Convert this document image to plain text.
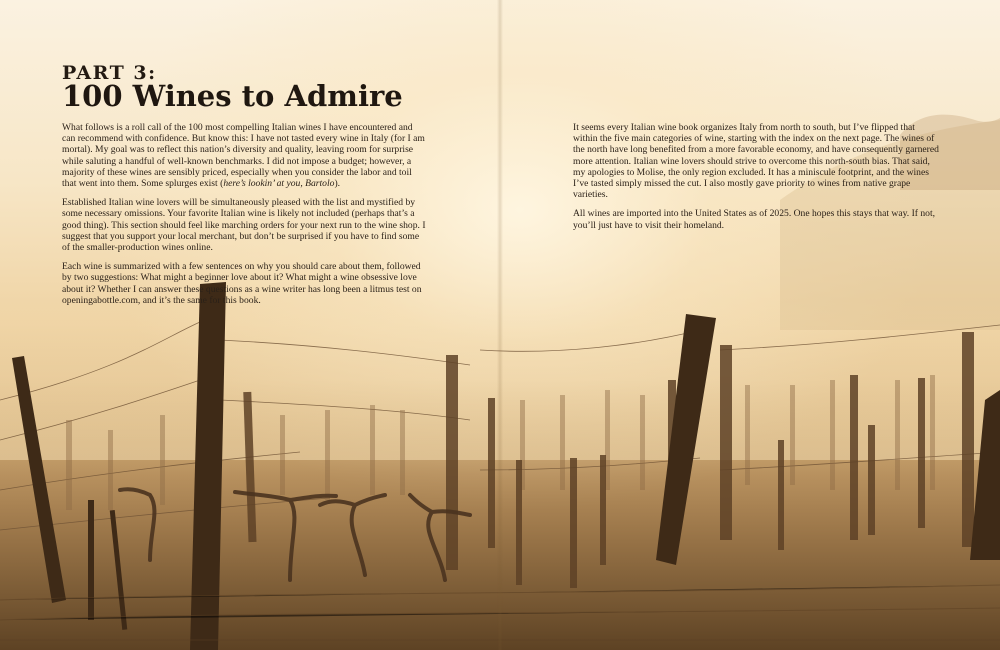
PART 3:
100 Wines to Admire

What follows is a roll call of the 100 most compelling Italian wines I have encountered and can recommend with confidence. But know this: I have not tasted every wine in Italy (for I am mortal). My goal was to reflect this nation’s diversity and quality, leaving room for surprise while saluting a handful of well-known benchmarks. I did not impose a budget; however, a majority of these wines are sensibly priced, especially when you consider the labor and toil that went into them. Some splurges exist (here’s lookin’ at you, Bartolo).

Established Italian wine lovers will be simultaneously pleased with the list and mystified by some necessary omissions. Your favorite Italian wine is likely not included (perhaps that’s a good thing). This section should feel like marching orders for your next run to the wine shop. I suggest that you support your local merchant, but don’t be surprised if you have to find some of the smaller-production wines online.

Each wine is summarized with a few sentences on why you should care about them, followed by two suggestions: What might a beginner love about it? What might a wine obsessive love about it? Whether I can answer these questions as a wine writer has long been a litmus test on openingabottle.com, and it’s the same for this book.

It seems every Italian wine book organizes Italy from north to south, but I’ve flipped that within the five main categories of wine, starting with the index on the next page. The wines of the north have long benefited from a more favorable economy, and have consequently garnered more attention. Italian wine lovers should strive to overcome this north-south bias. That said, my apologies to Molise, the only region excluded. It has a miniscule footprint, and the wines I’ve tasted simply missed the cut. I also mostly gave priority to wines from native grape varieties.

All wines are imported into the United States as of 2025. One hopes this stays that way. If not, you’ll just have to visit their homeland.
